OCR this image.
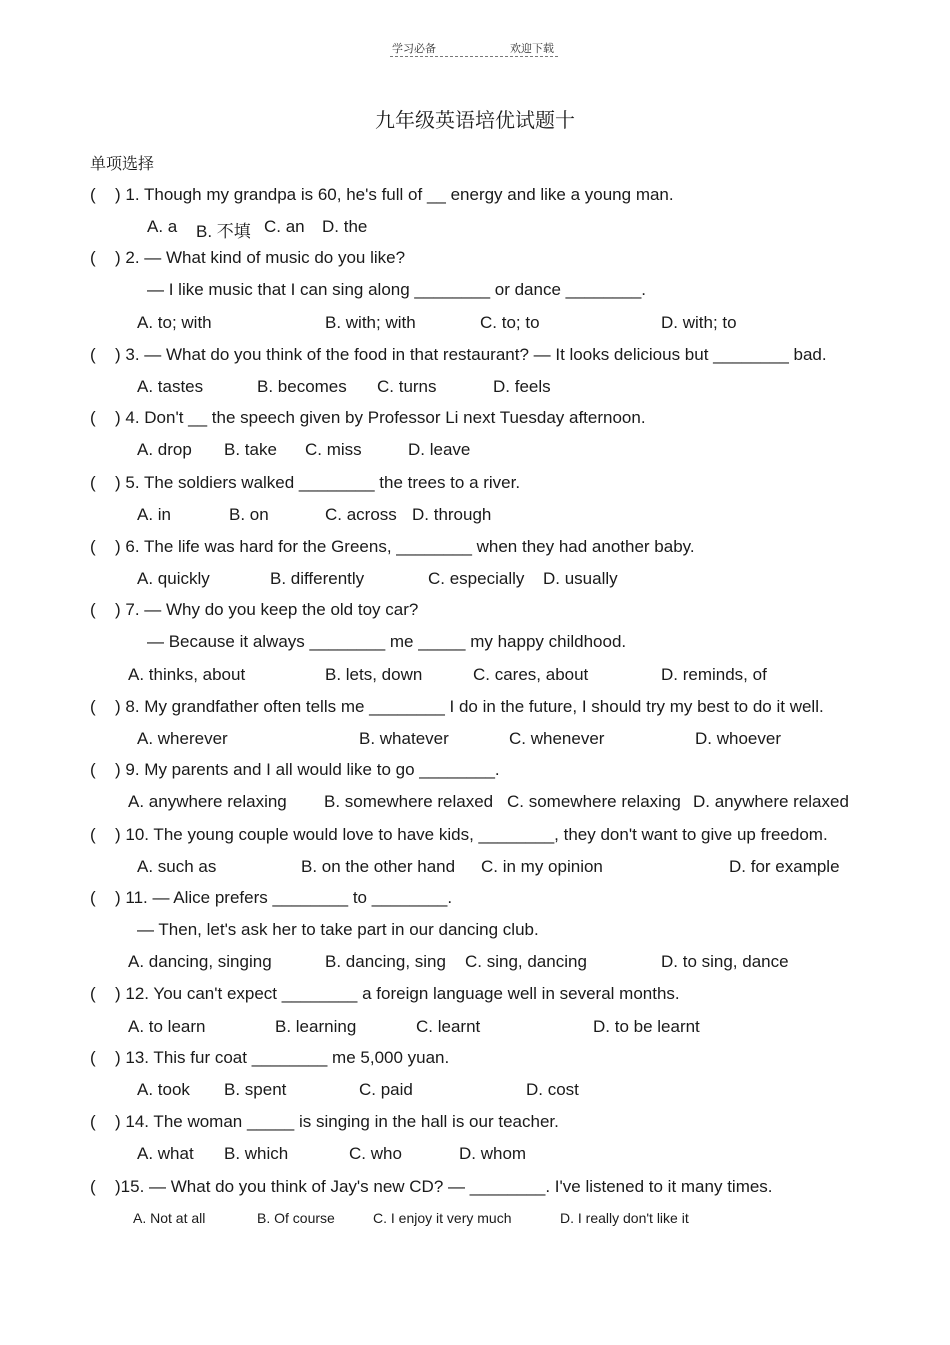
学习必备	欢迎下载
九年级英语培优试题十
单项选择
( ) 1. Though my grandpa is 60, he's full of __ energy and like a young man.
A. a B. 不填 C. an D. the
( ) 2. — What kind of music do you like?
— I like music that I can sing along ________ or dance ________.
A. to; with	B. with; with	C. to; to	D. with; to
( ) 3. — What do you think of the food in that restaurant? — It looks delicious but ________ bad.
A. tastes	B. becomes C. turns	D. feels
( ) 4. Don't __ the speech given by Professor Li next Tuesday afternoon.
A. drop B. take C. miss	D. leave
( ) 5. The soldiers walked ________ the trees to a river.
A. in	B. on	C. across D. through
( ) 6. The life was hard for the Greens, ________ when they had another baby.
A. quickly	B. differently	C. especially D. usually
( ) 7. — Why do you keep the old toy car?
— Because it always ________ me _____ my happy childhood.
A. thinks, about	B. lets, down	C. cares, about	D. reminds, of
( ) 8. My grandfather often tells me ________ I do in the future, I should try my best to do it well.
A. wherever	B. whatever	C. whenever	D. whoever
( ) 9. My parents and I all would like to go ________.
A. anywhere relaxing B. somewhere relaxed C. somewhere relaxing D. anywhere relaxed
( ) 10. The young couple would love to have kids, ________, they don't want to give up freedom.
A. such as	B. on the other hand C. in my opinion	D. for example
( ) 11. — Alice prefers ________ to ________.
— Then, let's ask her to take part in our dancing club.
A. dancing, singing	B. dancing, sing C. sing, dancing	D. to sing, dance
( ) 12. You can't expect ________ a foreign language well in several months.
A. to learn	B. learning	C. learnt	D. to be learnt
( ) 13. This fur coat ________ me 5,000 yuan.
A. took B. spent	C. paid	D. cost
( ) 14. The woman _____ is singing in the hall is our teacher.
A. what B. which	C. who	D. whom
( )15. — What do you think of Jay's new CD? — ________. I've listened to it many times.
A. Not at all	B. Of course	C. I enjoy it very much	D. I really don't like it
